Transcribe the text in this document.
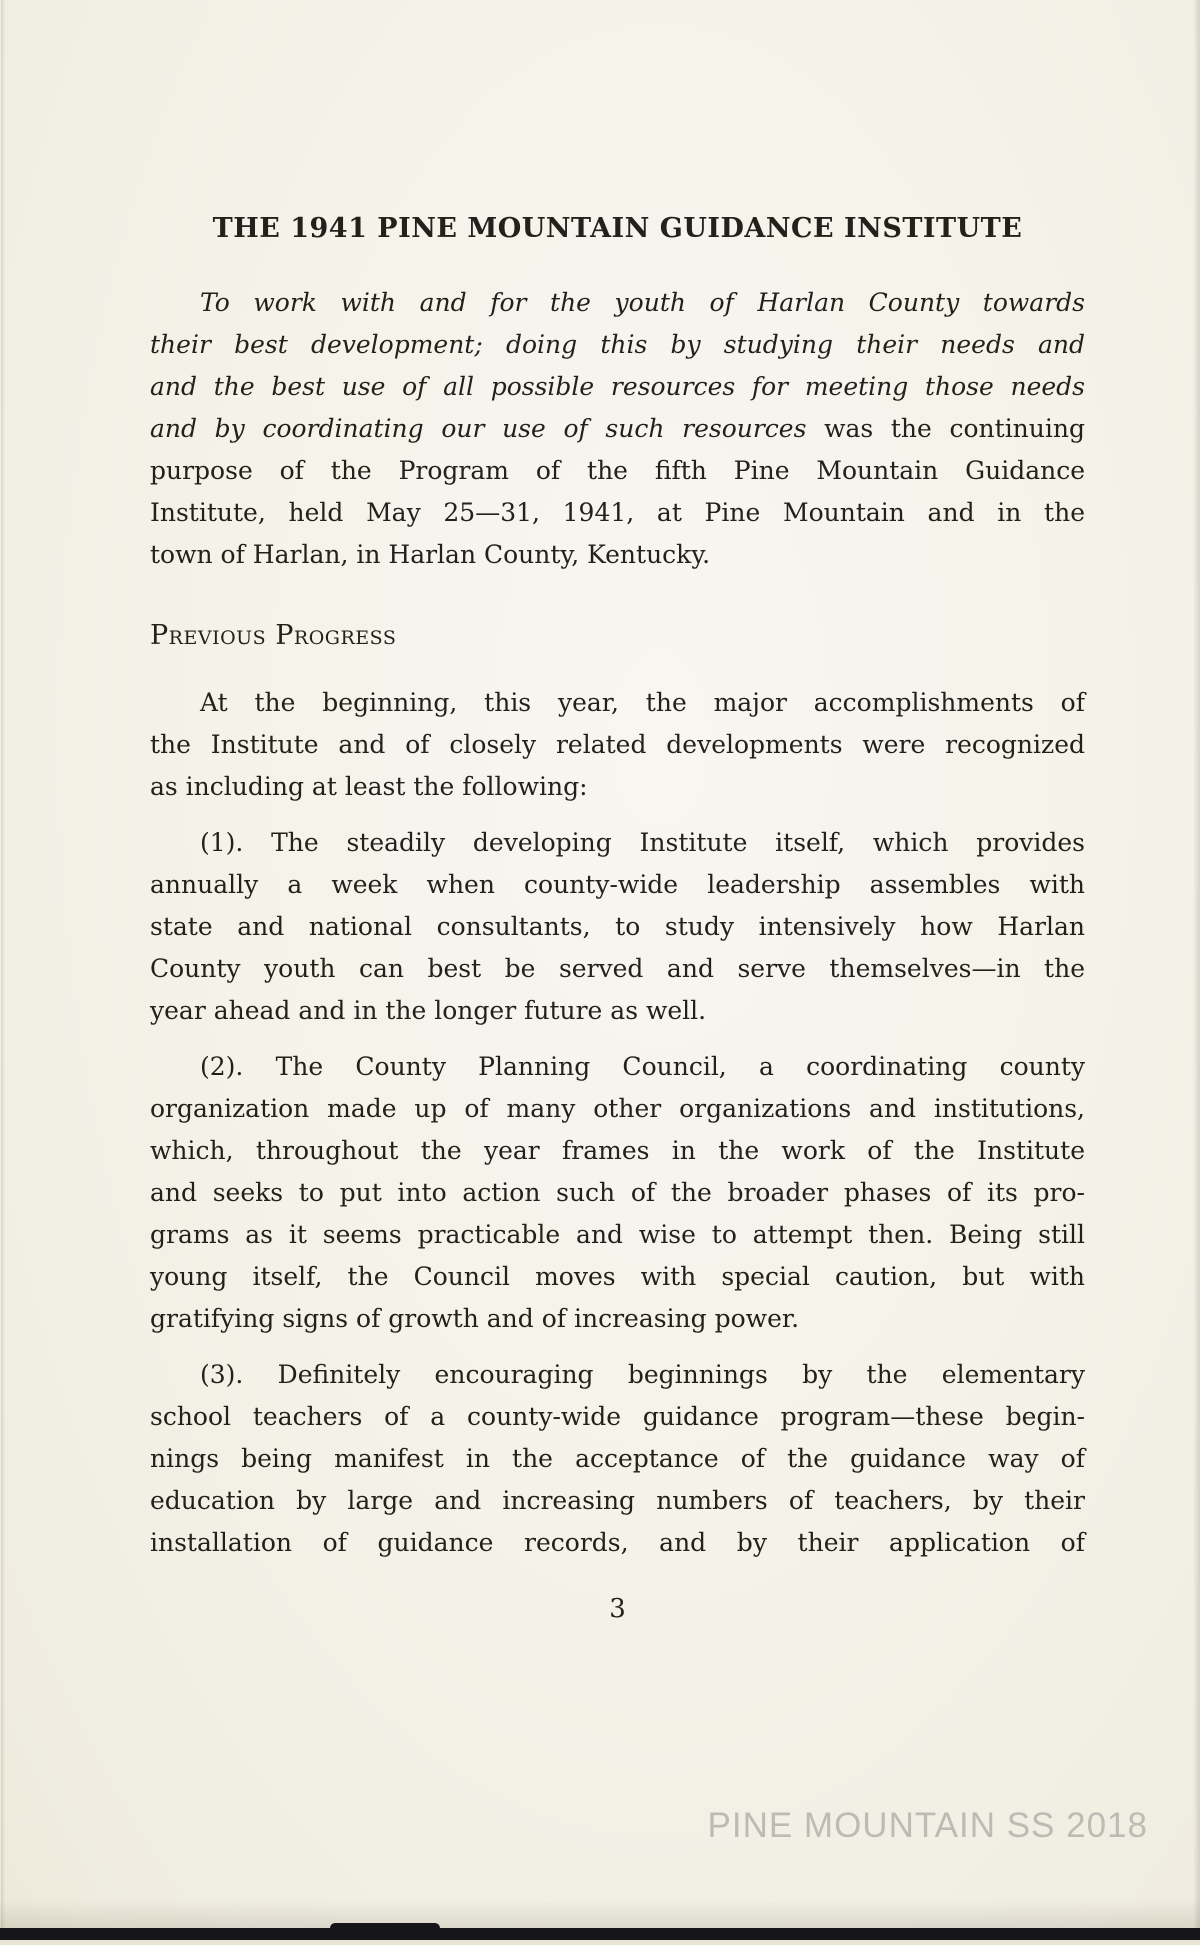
THE 1941 PINE MOUNTAIN GUIDANCE INSTITUTE
To work with and for the youth of Harlan County towards
their best development; doing this by studying their needs and
and the best use of all possible resources for meeting those needs
and by coordinating our use of such resources was the continuing
purpose of the Program of the fifth Pine Mountain Guidance
Institute, held May 25—31, 1941, at Pine Mountain and in the
town of Harlan, in Harlan County, Kentucky.
Previous Progress
At the beginning, this year, the major accomplishments of
the Institute and of closely related developments were recognized
as including at least the following:
(1). The steadily developing Institute itself, which provides
annually a week when county-wide leadership assembles with
state and national consultants, to study intensively how Harlan
County youth can best be served and serve themselves—in the
year ahead and in the longer future as well.
(2). The County Planning Council, a coordinating county
organization made up of many other organizations and institutions,
which, throughout the year frames in the work of the Institute
and seeks to put into action such of the broader phases of its pro-
grams as it seems practicable and wise to attempt then. Being still
young itself, the Council moves with special caution, but with
gratifying signs of growth and of increasing power.
(3). Definitely encouraging beginnings by the elementary
school teachers of a county-wide guidance program—these begin-
nings being manifest in the acceptance of the guidance way of
education by large and increasing numbers of teachers, by their
installation of guidance records, and by their application of
3
PINE MOUNTAIN SS 2018
